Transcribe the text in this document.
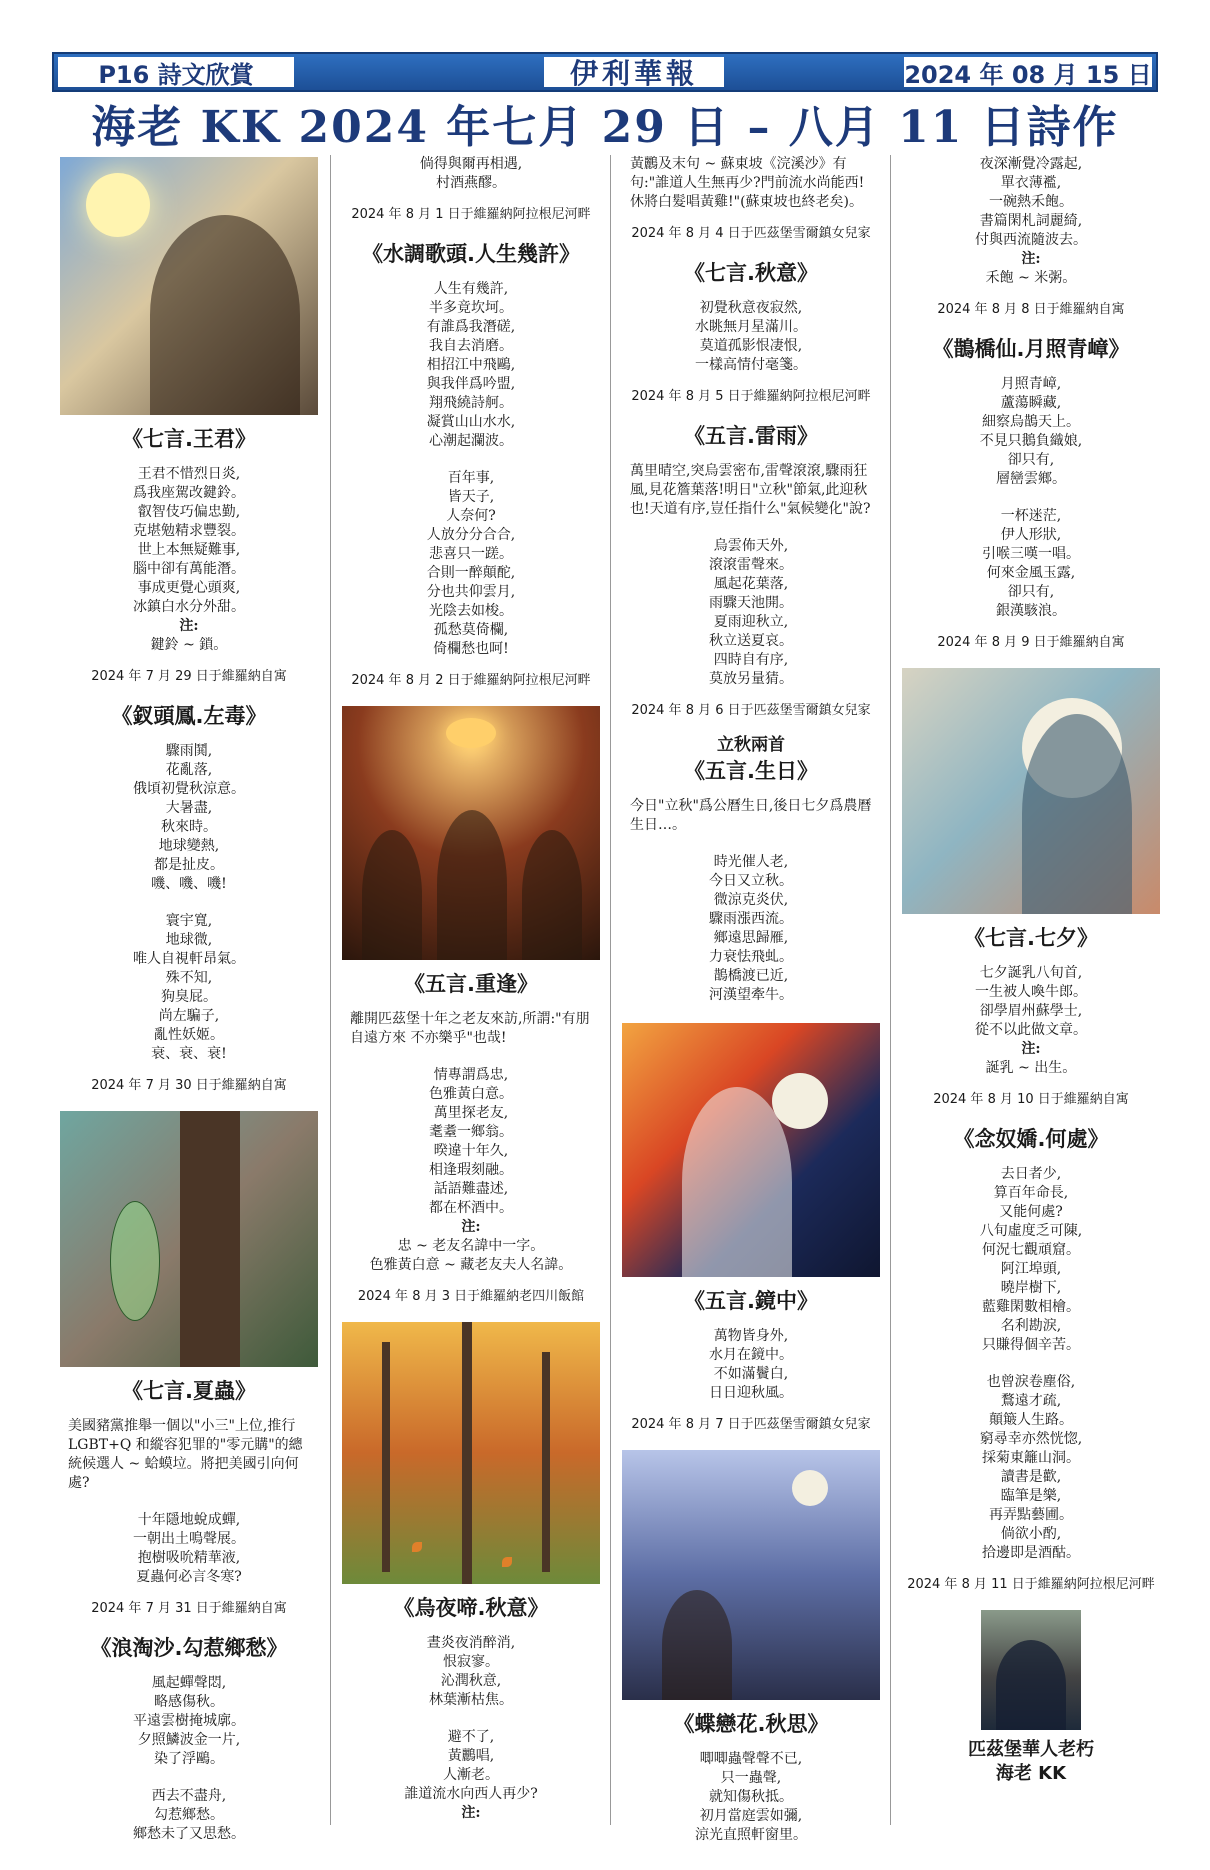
P16 詩文欣賞	伊利華報	2024 年 08 月 15 日
海老 KK 2024 年七月 29 日 – 八月 11 日詩作
《七言.王君》
王君不惜烈日炎,
爲我座駕改鍵鈴。
叡智伎巧偏忠勤,
克堪勉精求豐裂。
世上本無疑難事,
腦中卻有萬能潛。
事成更覺心頭爽,
冰鎮白水分外甜。
注:
鍵鈴 ~ 鎖。
2024 年 7 月 29 日于維羅納自寓
《釵頭鳳.左毒》
驟雨鬨,
花亂落,
俄頃初覺秋涼意。
大暑盡,
秋來時。
地球變熱,
都是扯皮。
嘰、嘰、嘰!
寰宇寬,
地球微,
唯人自視軒昂氣。
殊不知,
狗臭屁。
尚左騙子,
亂性妖姬。
衰、衰、衰!
2024 年 7 月 30 日于維羅納自寓
《七言.夏蟲》
美國豬黨推舉一個以"小三"上位,推行LGBT+Q 和縱容犯罪的"零元購"的總統候選人 ~ 蛤蟆垃。將把美國引向何處?
十年隱地蛻成蟬,
一朝出土鳴聲展。
抱樹吸吮精華液,
夏蟲何必言冬寒?
2024 年 7 月 31 日于維羅納自寓
《浪淘沙.勾惹鄉愁》
風起蟬聲悶,
略感傷秋。
平遠雲樹掩城廓。
夕照鱗波金一片,
染了浮鷗。
西去不盡舟,
勾惹鄉愁。
鄉愁未了又思愁。
倘得與爾再相遇,
村酒燕醪。
2024 年 8 月 1 日于維羅納阿拉根尼河畔
《水調歌頭.人生幾許》
人生有幾許,
半多竟坎坷。
有誰爲我潛磋,
我自去消磨。
相招江中飛鷗,
與我伴爲吟盟,
翔飛繞詩舸。
凝賞山山水水,
心潮起瀾波。
百年事,
皆天子,
人奈何?
人放分分合合,
悲喜只一蹉。
合則一醉顛酡,
分也共仰雲月,
光陰去如梭。
孤愁莫倚欄,
倚欄愁也呵!
2024 年 8 月 2 日于維羅納阿拉根尼河畔
《五言.重逢》
離開匹茲堡十年之老友來訪,所謂:"有朋自遠方來 不亦樂乎"也哉!
情專謂爲忠,
色雅黃白意。
萬里探老友,
耄耋一鄉翁。
暌違十年久,
相逢瑕刻融。
話語難盡述,
都在杯酒中。
注:
忠 ~ 老友名諱中一字。
色雅黃白意 ~ 藏老友夫人名諱。
2024 年 8 月 3 日于維羅納老四川飯館
《烏夜啼.秋意》
晝炎夜消醉消,
恨寂寥。
沁潤秋意,
林葉漸枯焦。
避不了,
黃鸝唱,
人漸老。
誰道流水向西人再少?
注:
黃鸝及末句 ~ 蘇東坡《浣溪沙》有句:"誰道人生無再少?門前流水尚能西!休將白髮唱黃雞!"(蘇東坡也終老矣)。
2024 年 8 月 4 日于匹茲堡雪爾鎮女兒家
《七言.秋意》
初覺秋意夜寂然,
水眺無月星滿川。
莫道孤影恨凄恨,
一樣高情付毫箋。
2024 年 8 月 5 日于維羅納阿拉根尼河畔
《五言.雷雨》
萬里晴空,突烏雲密布,雷聲滾滾,驟雨狂風,見花簷葉落!明日"立秋"節氣,此迎秋也!天道有序,豈任指什么"氣候變化"說?
烏雲佈天外,
滾滾雷聲來。
風起花葉落,
雨驟天池開。
夏雨迎秋立,
秋立送夏哀。
四時自有序,
莫放另量猜。
2024 年 8 月 6 日于匹茲堡雪爾鎮女兒家
立秋兩首
《五言.生日》
今日"立秋"爲公曆生日,後日七夕爲農曆生日…。
時光催人老,
今日又立秋。
微涼克炎伏,
驟雨漲西流。
鄉遠思歸雁,
力衰怯飛虬。
鵲橋渡已近,
河漢望牽牛。
《五言.鏡中》
萬物皆身外,
水月在鏡中。
不如滿鬢白,
日日迎秋風。
2024 年 8 月 7 日于匹茲堡雪爾鎮女兒家
《蝶戀花.秋思》
唧唧蟲聲聲不已,
只一蟲聲,
就知傷秋抵。
初月當庭雲如彌,
涼光直照軒窗里。
夜深漸覺冷露起,
單衣薄襤,
一碗熱禾飽。
書篇閑札詞麗綺,
付與西流隨波去。
注:
禾飽 ~ 米粥。
2024 年 8 月 8 日于維羅納自寓
《鵲橋仙.月照青嶂》
月照青嶂,
蘆蕩瞬藏,
細察烏鵲天上。
不見只鵝負織娘,
卻只有,
層巒雲鄉。
一杯迷茫,
伊人形狀,
引喉三嘆一唱。
何來金風玉露,
卻只有,
銀漢駭浪。
2024 年 8 月 9 日于維羅納自寓
《七言.七夕》
七夕誕乳八旬首,
一生被人喚牛郎。
卻學眉州蘇學士,
從不以此做文章。
注:
誕乳 ~ 出生。
2024 年 8 月 10 日于維羅納自寓
《念奴嬌.何處》
去日者少,
算百年命長,
又能何處?
八旬虛度乏可陳,
何況七觀頑窟。
阿江埠頭,
曉岸樹下,
藍雞閑數相檜。
名利勘淚,
只賺得個辛苦。
也曾淚卷塵俗,
鶩遠才疏,
顛簸人生路。
窮尋幸亦然恍惚,
採菊東籬山洞。
讀書是歡,
臨筆是樂,
再弄點藝圃。
倘欲小酌,
拾邊即是酒酤。
2024 年 8 月 11 日于維羅納阿拉根尼河畔
匹茲堡華人老朽
海老 KK
